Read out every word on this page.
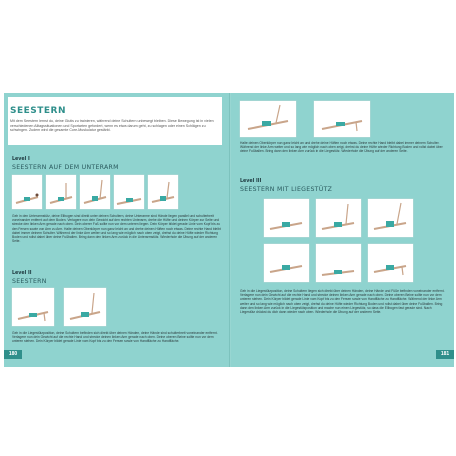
SEESTERN
Mit dem Seestern lernst du, deine Glutis zu trainieren, während deine Schultern unbewegt bleiben. Diese Bewegung ist in vielen verschiedenen Alltagssituationen und Sportarten gefordert, wenn es etwa darum geht, zu schlagen oder einen Schlägen zu schwingen. Zudem wird die gesamte Core-Muskulatur gestärkt.
Level I
SEESTERN AUF DEM UNTERARM
Geh in den Unterarmstütz, deine Ellbogen sind direkt unter deinen Schultern, deine Unterarme sind Hände liegen parallel und schulterbreit voneinander entfernt auf dem Boden. Verlagere nun dein Gewicht auf den rechten Unterarm, drehe die Hüfte und deinen Körper zur Seite und strecke den linken Arm gerade nach oben. Dein oberer Fuß sollte nun vor dem unteren liegen. Dein Körper bildet gerade Linie vom Kopf bis zu den Fersen sowie von Arm zu Arm. Halte deinen Oberkörper nun ganz leicht an und drehe deinen Hüften noch etwas. Deine rechte Hand bleibt dabei immer deinem Schulter. Während der linke Arm weiter und so lang wie möglich nach oben zeigt, drehst du deine Hüfte wieder Richtung Boden und rollst dabei über deine Fußballen. Bring dann den linken Arm zurück in die Unterarmstütz. Wiederhole die Übung auf der anderen Seite.
Level II
SEESTERN
Geh in die Liegestützposition, deine Schultern befinden sich direkt über deinen Händen, deine Hände sind schulterbreit voneinander entfernt. Verlagere nun dein Gewicht auf die rechte Hand und strecke deinen linken Arm gerade nach oben. Deine oberen Beine sollte nun vor dem unteren stehen. Dein Körper bildet gerade Linie vom Kopf bis zu den Fersen sowie von Handfläche zu Handfläche.
180
Halte deinen Oberkörper nun ganz leicht an und drehe deine Hüften noch etwas. Deine rechte Hand bleibt dabei immer deinem Schulter. Während der linke Arm weiter und so lang wie möglich nach oben zeigt, drehst du deine Hüfte wieder Richtung Boden und rollst dabei über deine Fußballen. Bring dann den linken Arm zurück in die Liegestütz. Wiederhole die Übung auf der anderen Seite.
Level III
SEESTERN MIT LIEGESTÜTZ
Geh in die Liegestützposition, deine Schultern liegen sich direkt über deinen Händen, deine Hände und Füße befinden voneinander entfernt. Verlagere nun dein Gewicht auf die rechte Hand und strecke deinen linken Arm gerade nach oben. Deine oberen Beine sollte nun vor dem unteren stehen. Dein Körper bildet gerade Linie vom Kopf bis zu den Fersen sowie von Handfläche zu Handfläche. Während der linke Arm weiter und so lang wie möglich nach oben zeigt, drehst du deine Hüfte wieder Richtung Boden und rollst dabei über deine Fußballen. Bring dann den linken Arm zurück in die Liegestützposition und mache nun einen Liegestütz, so dass die Ellbogen fast gerade sind. Nach Liegestütz drückst du dich dann wieder nach oben. Wiederhole die Übung auf der anderen Seite.
181
